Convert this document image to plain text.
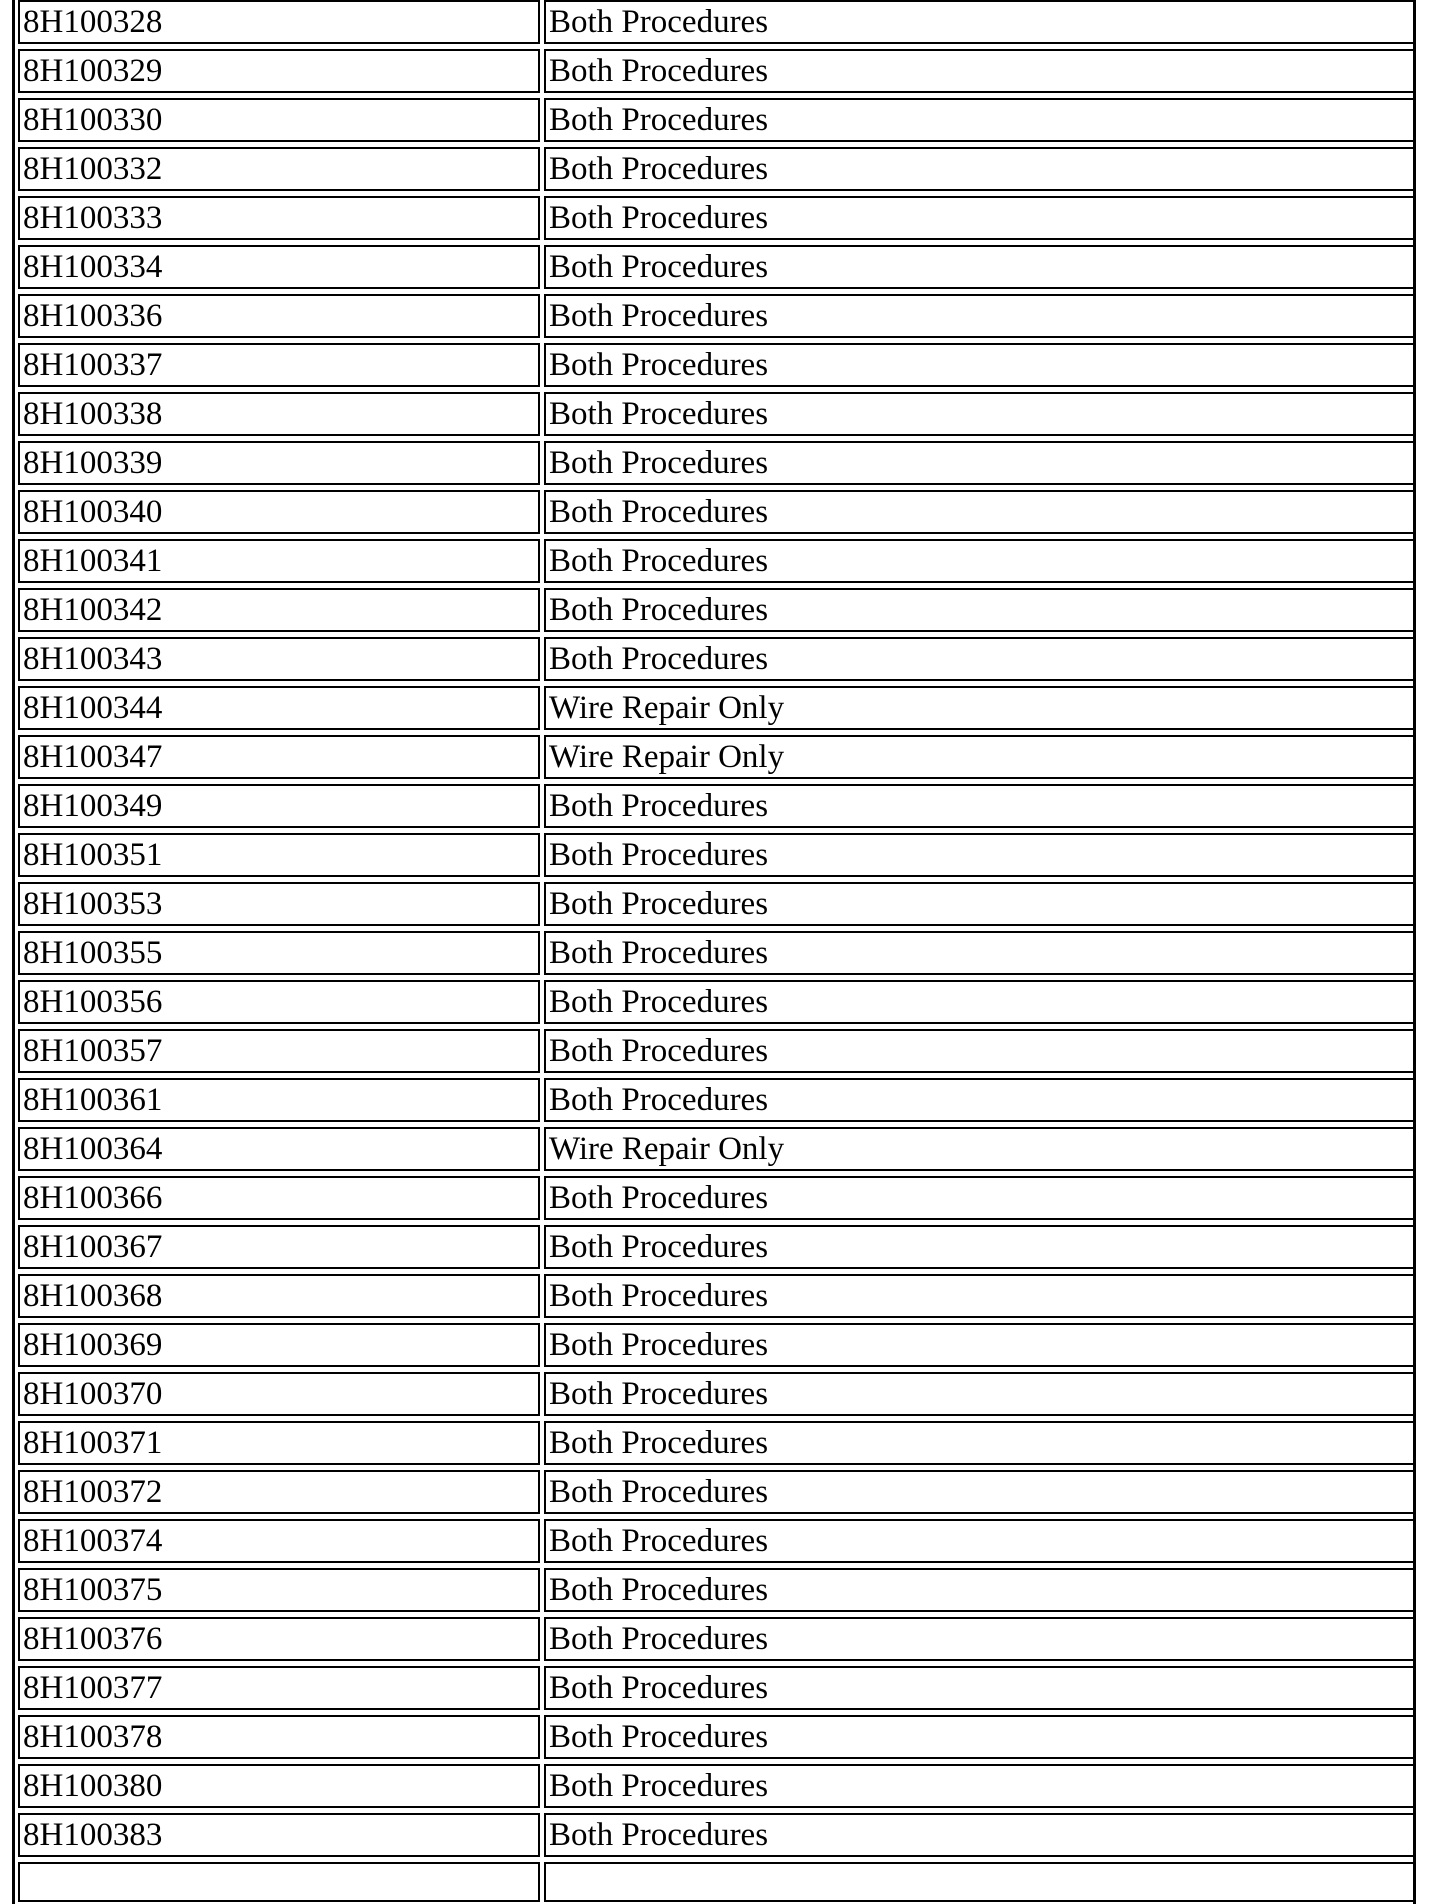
8H100328	Both Procedures
8H100329	Both Procedures
8H100330	Both Procedures
8H100332	Both Procedures
8H100333	Both Procedures
8H100334	Both Procedures
8H100336	Both Procedures
8H100337	Both Procedures
8H100338	Both Procedures
8H100339	Both Procedures
8H100340	Both Procedures
8H100341	Both Procedures
8H100342	Both Procedures
8H100343	Both Procedures
8H100344	Wire Repair Only
8H100347	Wire Repair Only
8H100349	Both Procedures
8H100351	Both Procedures
8H100353	Both Procedures
8H100355	Both Procedures
8H100356	Both Procedures
8H100357	Both Procedures
8H100361	Both Procedures
8H100364	Wire Repair Only
8H100366	Both Procedures
8H100367	Both Procedures
8H100368	Both Procedures
8H100369	Both Procedures
8H100370	Both Procedures
8H100371	Both Procedures
8H100372	Both Procedures
8H100374	Both Procedures
8H100375	Both Procedures
8H100376	Both Procedures
8H100377	Both Procedures
8H100378	Both Procedures
8H100380	Both Procedures
8H100383	Both Procedures
